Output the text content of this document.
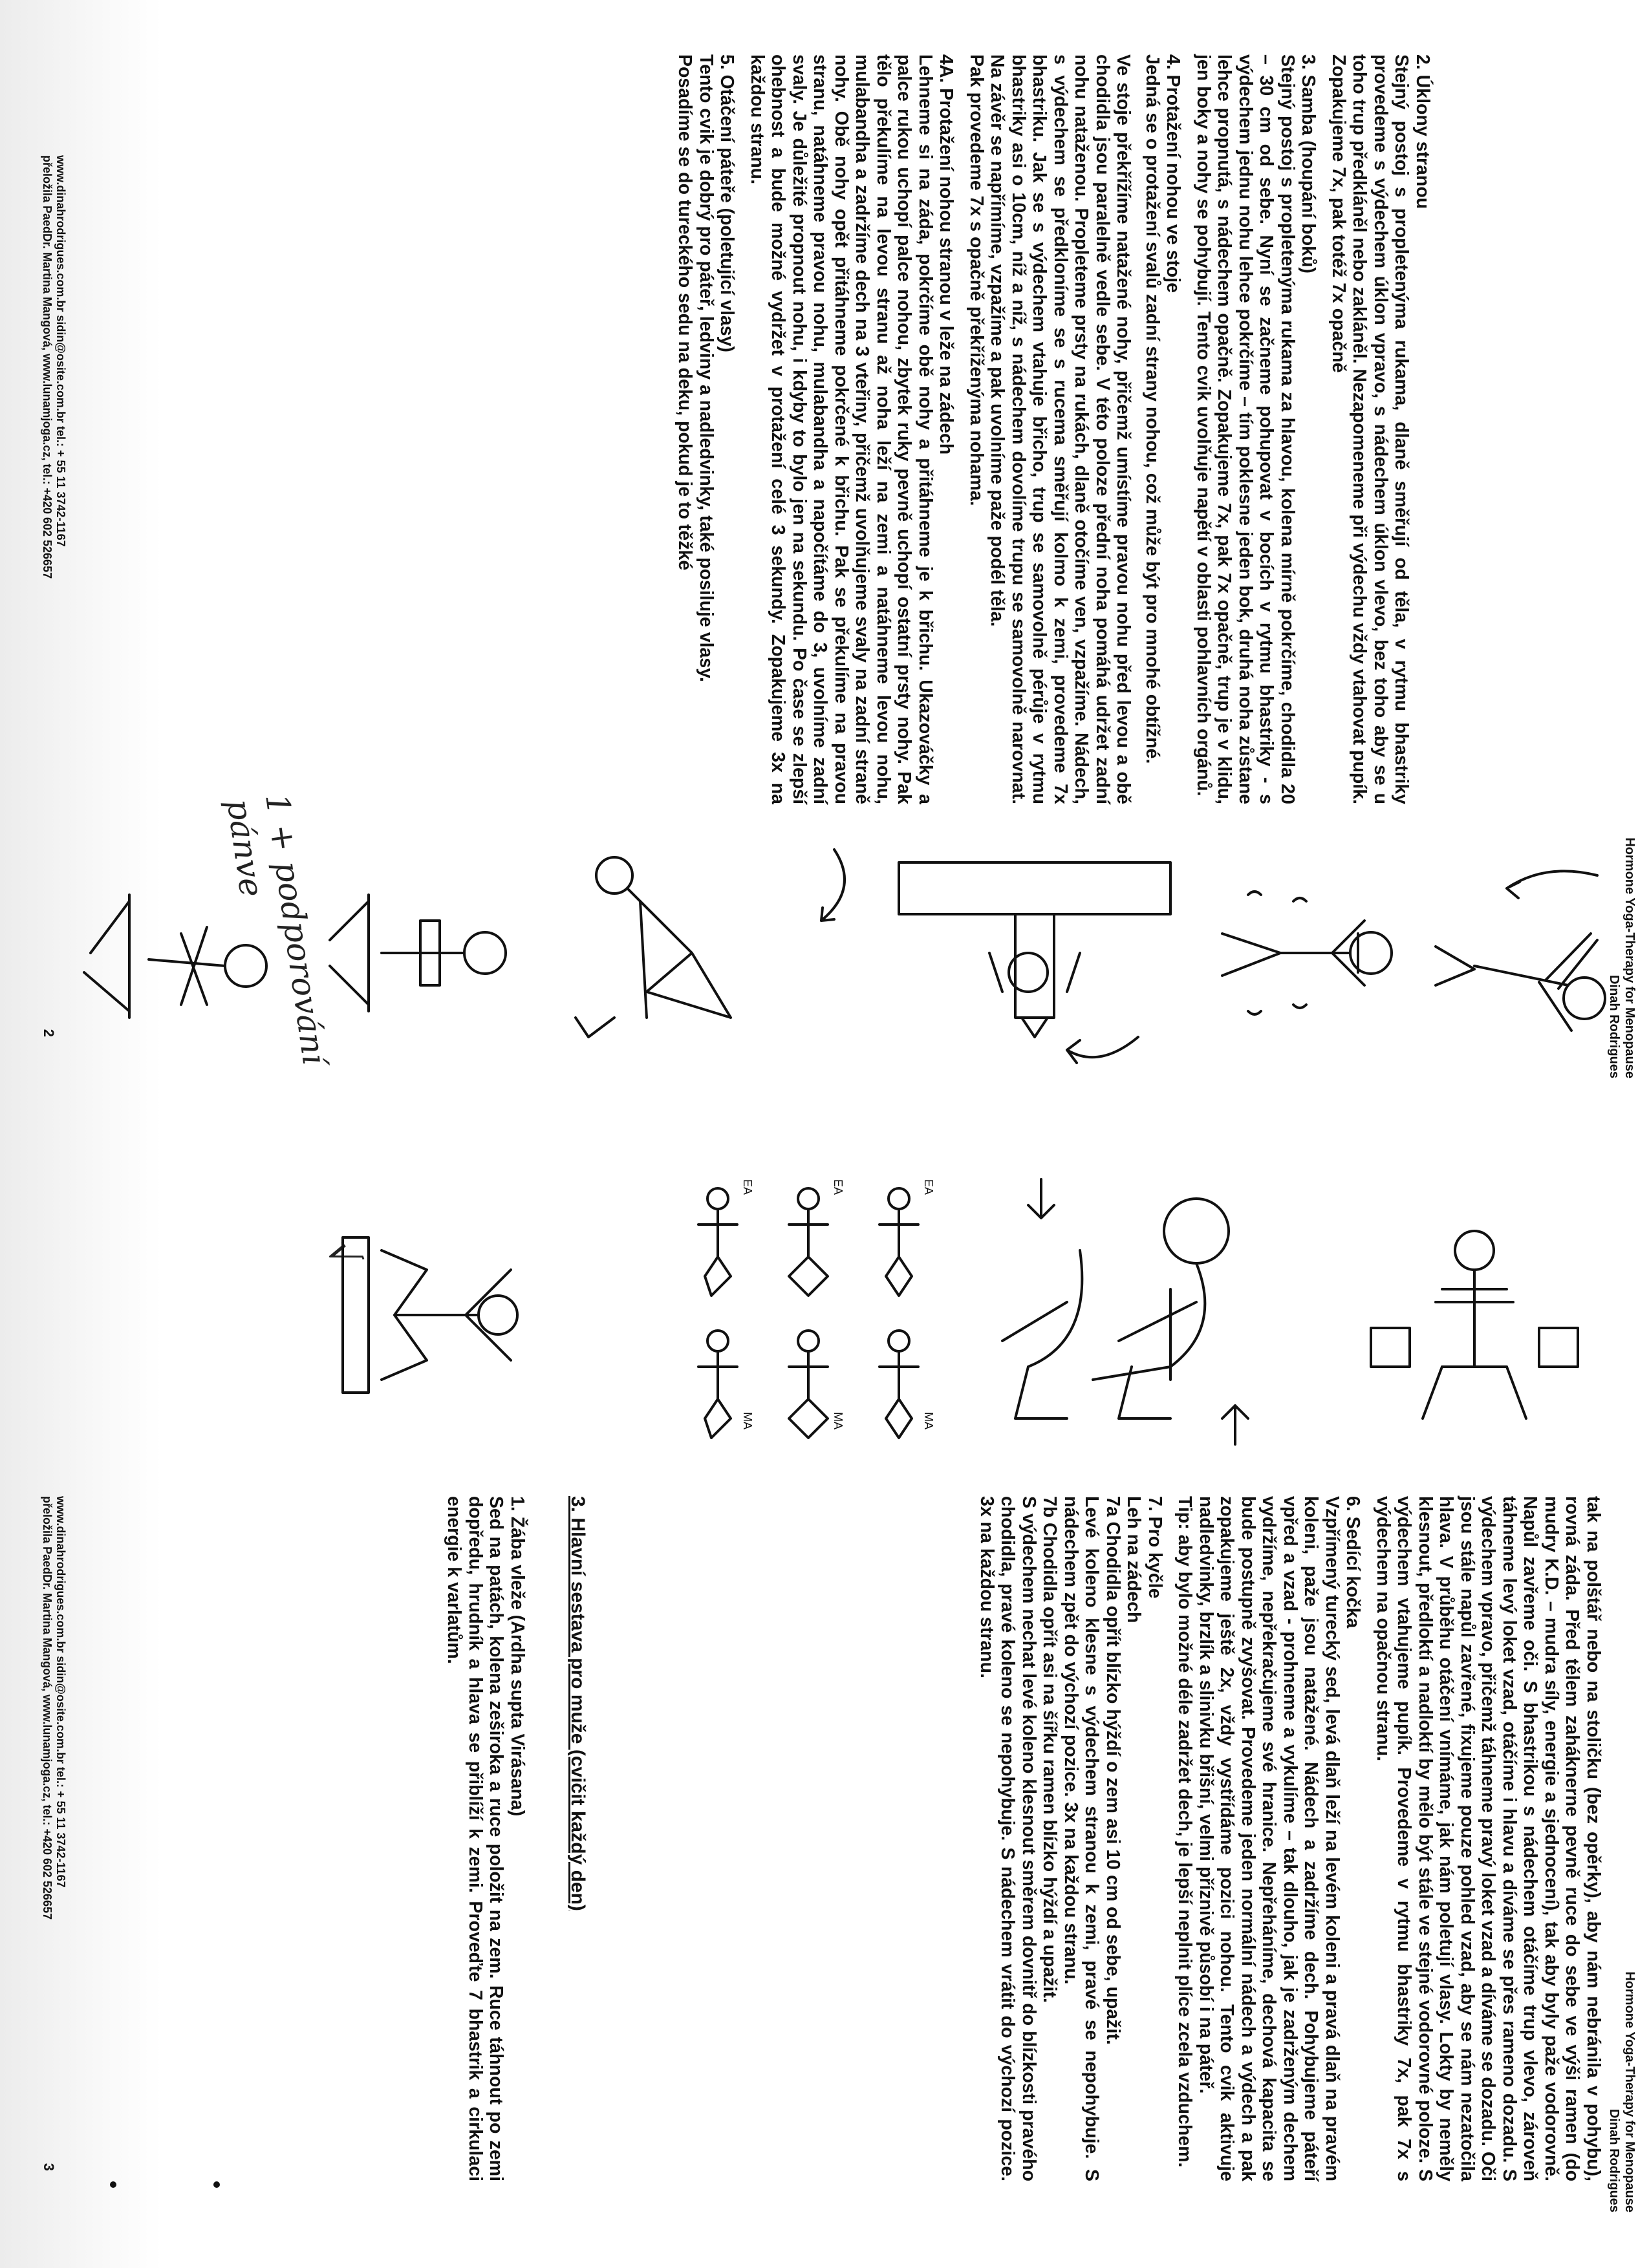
Hormone Yoga-Therapy for Menopause
Dinah Rodrigues
2. Úklony stranou

Stejný postoj s propletenýma rukama, dlaně směřují od těla, v rytmu bhastriky provedeme s výdechem úklon vpravo, s nádechem úklon vlevo, bez toho aby se u toho trup předkláněl nebo zakláněl. Nezapomeneme při výdechu vždy vtahovat pupík. Zopakujeme 7x, pak totéž 7x opačně

3. Samba (houpání boků)

Stejný postoj s propletenýma rukama za hlavou, kolena mírně pokrčíme, chodidla 20 – 30 cm od sebe. Nyní se začneme pohupovat v bocích v rytmu bhastriky - s výdechem jednu nohu lehce pokrčíme – tím poklesne jeden bok, druhá noha zůstane lehce propnutá, s nádechem opačně. Zopakujeme 7x, pak 7x opačně, trup je v klidu, jen boky a nohy se pohybují. Tento cvik uvolňuje napětí v oblasti pohlavních orgánů.

4. Protažení nohou ve stoje

Jedná se o protažení svalů zadní strany nohou, což může být pro mnohé obtížné.

Ve stoje překřížíme natažené nohy, přičemž umístíme pravou nohu před levou a obě chodidla jsou paralelně vedle sebe. V této poloze přední noha pomáhá udržet zadní nohu nataženou. Propleteme prsty na rukách, dlaně otočíme ven, vzpažíme. Nádech, s výdechem se předkloníme se s rucema směřují kolmo k zemi, provedeme 7x bhastriku. Jak se s výdechem vtahuje břicho, trup se samovolně pérůje v rytmu bhastriky asi o 10cm, níž a níž, s nádechem dovolíme trupu se samovolně narovnat. Na závěr se napřímíme, vzpažíme a pak uvolníme paže podél těla.

Pak provedeme 7x s opačně překříženýma nohama.

4A. Protažení nohou stranou v leže na zádech

Lehneme si na záda, pokrčíme obě nohy a přitáhneme je k břichu. Ukazováčky a palce rukou uchopí palce nohou, zbytek ruky pevně uchopí ostatní prsty nohy. Pak tělo překulíme na levou stranu až noha leží na zemi a natáhneme levou nohu, mulabandha a zadržíme dech na 3 vteřiny, přičemž uvolňujeme svaly na zadní straně nohy. Obě nohy opět přitáhneme pokrčené k břichu. Pak se překulíme na pravou stranu, natáhneme pravou nohu, mulabandha a napočítáme do 3, uvolníme zadní svaly. Je důležité propnout nohu, i kdyby to bylo jen na sekundu. Po čase se zlepší ohebnost a bude možné vydržet v protažení celé 3 sekundy. Zopakujeme 3x na každou stranu.

5. Otáčení páteře (poletující vlasy)

Tento cvik je dobrý pro páteř, ledviny a nadledvinky, také posiluje vlasy.

Posadíme se do tureckého sedu na deku, pokud je to těžké

1 + podporování pánve
√
www.dinahrodrigues.com.br sidin@osite.com.br tel.: + 55 11 3742-1167
přeložila PaedDr. Martina Mangová, www.lunamjoga.cz, tel.: +420 602 526657
2
Hormone Yoga-Therapy for Menopause
Dinah Rodrigues

tak na polštář nebo na stoličku (bez opěrky), aby nám nebránila v pohybu), rovná záda. Před tělem zaháknerne pevně ruce do sebe ve výši ramen (do mudry K.D. – mudra síly, energie a sjednocení), tak aby byly paže vodorovně. Napůl zavřeme oči. S bhastrikou s nádechem otáčíme trup vlevo, zároveň táhneme levý loket vzad, otáčíme i hlavu a díváme se přes rameno dozadu. S výdechem vpravo, přičemž táhneme pravý loket vzad a díváme se dozadu. Oči jsou stále napůl zavřené, fixujeme pouze pohled vzad, aby se nám nezatočila hlava. V průběhu otáčení vnímáme, jak nám poletují vlasy. Lokty by neměly klesnout, předloktí a nadloktí by mělo být stále ve stejné vodorovné poloze. S výdechem vtahujeme pupík. Provedeme v rytmu bhastriky 7x, pak 7x s výdechem na opačnou stranu.

6. Sedící kočka

Vzpřímený turecký sed, levá dlaň leží na levém koleni a pravá dlaň na pravém koleni, paže jsou natažené. Nádech a zadržíme dech. Pohybujeme páteří vpřed a vzad - prohneme a vykulíme – tak dlouho, jak je zadrženým dechem vydržíme, nepřekračujeme své hranice. Nepřeháníme, dechová kapacita se bude postupně zvyšovat. Provedeme jeden normální nádech a výdech a pak zopakujeme ještě 2x, vždy vystřídáme pozici nohou. Tento cvik aktivuje nadledvinky, brzlík a slinivku břišní, velmi příznivě působí i na páteř.

Tip: aby bylo možné déle zadržet dech, je lepší neplnit plíce zcela vzduchem.

7. Pro kyčle

Leh na zádech

7a Chodidla opřít blízko hýždí o zem asi 10 cm od sebe, upažit.

Levé koleno klesne s výdechem stranou k zemi, pravé se nepohybuje. S nádechem zpět do výchozí pozice. 3x na každou stranu.

7b Chodidla opřít asi na šířku ramen blízko hýždí a upažit.

S výdechem nechat levé koleno klesnout směrem dovnitř do blízkosti pravého chodidla, pravé koleno se nepohybuje. S nádechem vrátit do výchozí pozice. 3x na každou stranu.

3. Hlavní sestava pro muže (cvičit každý den)
1. Žába vleže (Ardha supta Virásana)

Sed na patách, kolena zeširoka a ruce položit na zem. Ruce táhnout po zemi dopředu, hrudník a hlava se přiblíží k zemi. Proveďte 7 bhastrik a cirkulaci energie k varlatům.

EA
EA
EA
MA
MA
MA
www.dinahrodrigues.com.br sidin@osite.com.br tel.: + 55 11 3742-1167
přeložila PaedDr. Martina Mangová, www.lunamjoga.cz, tel.: +420 602 526657
3
